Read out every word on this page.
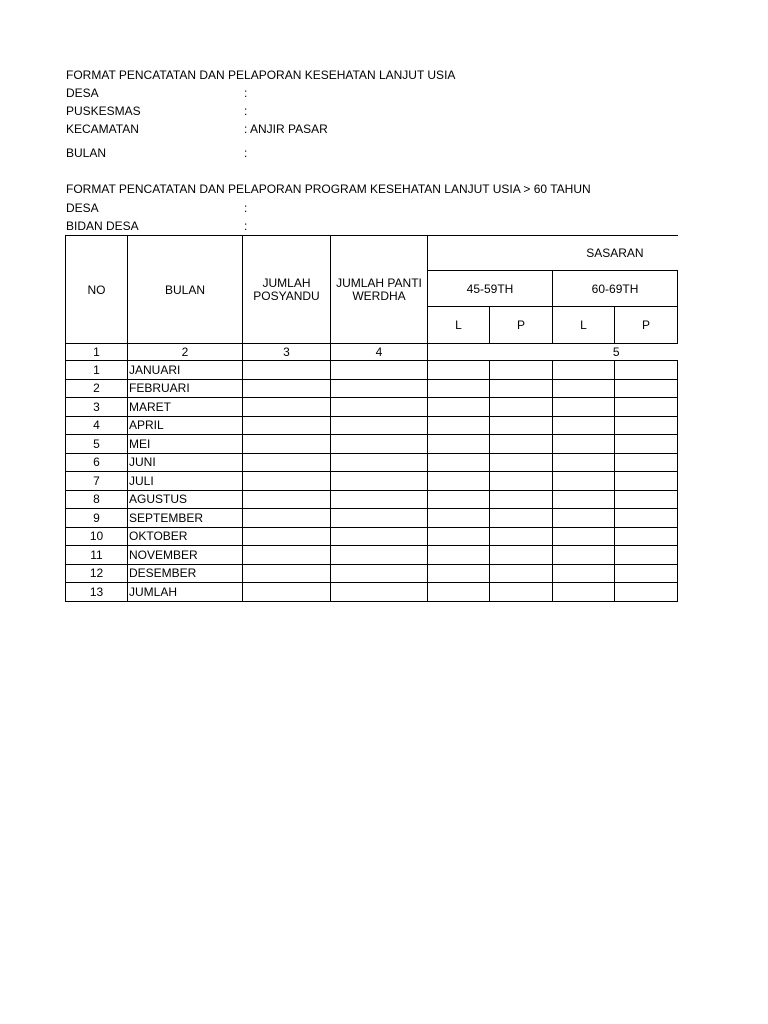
FORMAT PENCATATAN DAN PELAPORAN KESEHATAN LANJUT USIA
DESA	:
PUSKESMAS	:
KECAMATAN	: ANJIR PASAR
BULAN	:
FORMAT PENCATATAN DAN PELAPORAN PROGRAM KESEHATAN LANJUT USIA > 60 TAHUN
DESA	:
BIDAN DESA	:
NO	BULAN	JUMLAH POSYANDU	JUMLAH PANTI WERDHA	SASARAN			
				45-59TH		60-69TH	
				L	P	L	P
1	2	3	4	5			
1	JANUARI						
2	FEBRUARI						
3	MARET						
4	APRIL						
5	MEI						
6	JUNI						
7	JULI						
8	AGUSTUS						
9	SEPTEMBER						
10	OKTOBER						
11	NOVEMBER						
12	DESEMBER						
13	JUMLAH						
